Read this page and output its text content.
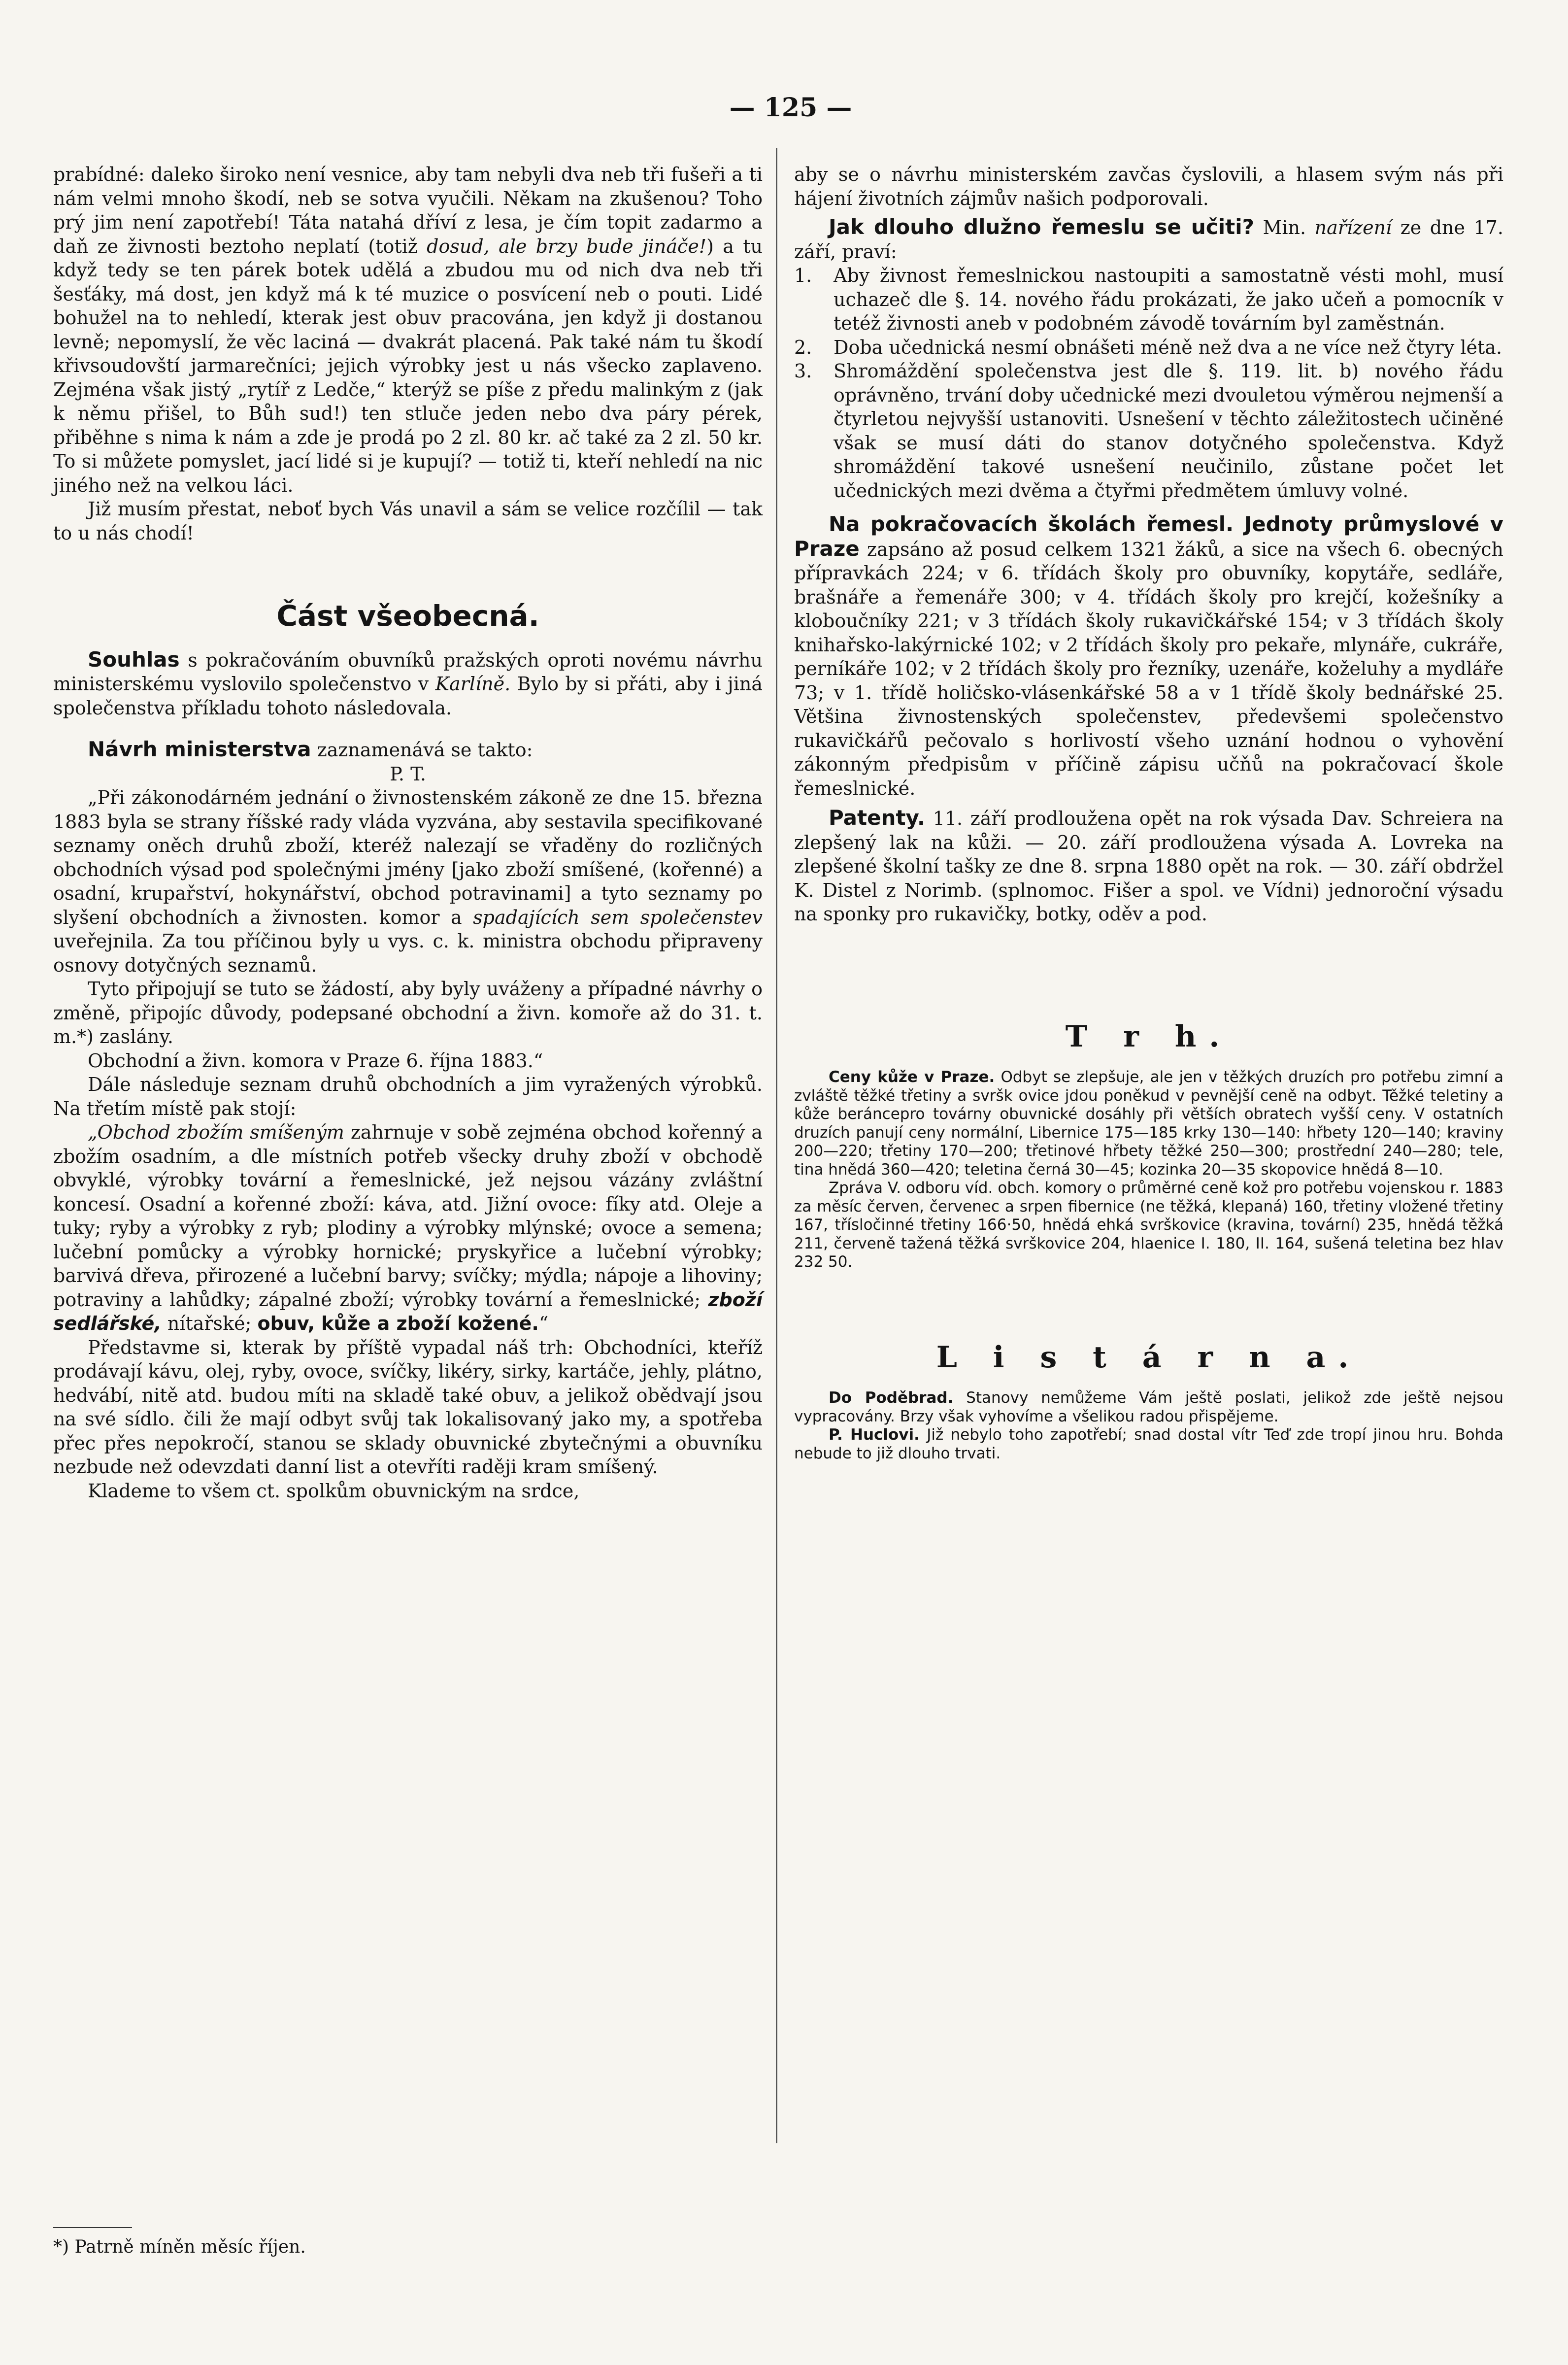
— 125 —
prabídné: daleko široko není vesnice, aby tam nebyli dva neb tři fušeři a ti nám velmi mnoho škodí, neb se sotva vyučili. Někam na zkušenou? Toho prý jim není zapotřebí! Táta natahá dříví z lesa, je čím topit zadarmo a daň ze živnosti beztoho neplatí (totiž dosud, ale brzy bude jináče!) a tu když tedy se ten párek botek udělá a zbudou mu od nich dva neb tři šesťáky, má dost, jen když má k té muzice o posvícení neb o pouti. Lidé bohužel na to nehledí, kterak jest obuv pracována, jen když ji dostanou levně; nepomyslí, že věc laciná — dvakrát placená. Pak také nám tu škodí křivsoudovští jarmarečníci; jejich výrobky jest u nás všecko zaplaveno. Zejména však jistý „rytíř z Ledče,“ kterýž se píše z předu malinkým z (jak k němu přišel, to Bůh sud!) ten stluče jeden nebo dva páry pérek, přiběhne s nima k nám a zde je prodá po 2 zl. 80 kr. ač také za 2 zl. 50 kr. To si můžete pomyslet, jací lidé si je kupují? — totiž ti, kteří nehledí na nic jiného než na velkou láci.
Již musím přestat, neboť bych Vás unavil a sám se velice rozčílil — tak to u nás chodí!
Část všeobecná.
Souhlas s pokračováním obuvníků pražských oproti novému návrhu ministerskému vyslovilo společenstvo v Karlíně. Bylo by si přáti, aby i jiná společenstva příkladu tohoto následovala.
Návrh ministerstva zaznamenává se takto:
P. T.
„Při zákonodárném jednání o živnostenském zákoně ze dne 15. března 1883 byla se strany říšské rady vláda vyzvána, aby sestavila specifikované seznamy oněch druhů zboží, kteréž nalezají se vřaděny do rozličných obchodních výsad pod společnými jmény [jako zboží smíšené, (kořenné) a osadní, krupařství, hokynářství, obchod potravinami] a tyto seznamy po slyšení obchodních a živnosten. komor a spadajících sem společenstev uveřejnila. Za tou příčinou byly u vys. c. k. ministra obchodu připraveny osnovy dotyčných seznamů.
Tyto připojují se tuto se žádostí, aby byly uváženy a případné návrhy o změně, připojíc důvody, podepsané obchodní a živn. komoře až do 31. t. m.*) zaslány.
Obchodní a živn. komora v Praze 6. října 1883.“
Dále následuje seznam druhů obchodních a jim vyražených výrobků. Na třetím místě pak stojí:
„Obchod zbožím smíšeným zahrnuje v sobě zejména obchod kořenný a zbožím osadním, a dle místních potřeb všecky druhy zboží v obchodě obvyklé, výrobky tovární a řemeslnické, jež nejsou vázány zvláštní koncesí. Osadní a kořenné zboží: káva, atd. Jižní ovoce: fíky atd. Oleje a tuky; ryby a výrobky z ryb; plodiny a výrobky mlýnské; ovoce a semena; lučební pomůcky a výrobky hornické; pryskyřice a lučební výrobky; barvivá dřeva, přirozené a lučební barvy; svíčky; mýdla; nápoje a lihoviny; potraviny a lahůdky; zápalné zboží; výrobky tovární a řemeslnické; zboží sedlářské, nítařské; obuv, kůže a zboží kožené.“
Představme si, kterak by příště vypadal náš trh: Obchodníci, kteříž prodávají kávu, olej, ryby, ovoce, svíčky, likéry, sirky, kartáče, jehly, plátno, hedvábí, nitě atd. budou míti na skladě také obuv, a jelikož obědvají jsou na své sídlo. čili že mají odbyt svůj tak lokalisovaný jako my, a spotřeba přec přes nepokročí, stanou se sklady obuvnické zbytečnými a obuvníku nezbude než odevzdati danní list a otevříti raději kram smíšený.
Klademe to všem ct. spolkům obuvnickým na srdce,
*) Patrně míněn měsíc říjen.
aby se o návrhu ministerském zavčas čyslovili, a hlasem svým nás při hájení životních zájmův našich podporovali.
Jak dlouho dlužno řemeslu se učiti? Min. nařízení ze dne 17. září, praví:
1.	Aby živnost řemeslnickou nastoupiti a samostatně vésti mohl, musí uchazeč dle §. 14. nového řádu prokázati, že jako učeň a pomocník v tetéž živnosti aneb v podobném závodě továrním byl zaměstnán.
2.	Doba učednická nesmí obnášeti méně než dva a ne více než čtyry léta.
3.	Shromáždění společenstva jest dle §. 119. lit. b) nového řádu oprávněno, trvání doby učednické mezi dvouletou výměrou nejmenší a čtyrletou nejvyšší ustanoviti. Usnešení v těchto záležitostech učiněné však se musí dáti do stanov dotyčného společenstva. Když shromáždění takové usnešení neučinilo, zůstane počet let učednických mezi dvěma a čtyřmi předmětem úmluvy volné.
Na pokračovacích školách řemesl. Jednoty průmyslové v Praze zapsáno až posud celkem 1321 žáků, a sice na všech 6. obecných přípravkách 224; v 6. třídách školy pro obuvníky, kopytáře, sedláře, brašnáře a řemenáře 300; v 4. třídách školy pro krejčí, kožešníky a kloboučníky 221; v 3 třídách školy rukavičkářské 154; v 3 třídách školy knihařsko-lakýrnické 102; v 2 třídách školy pro pekaře, mlynáře, cukráře, perníkáře 102; v 2 třídách školy pro řezníky, uzenáře, koželuhy a mydláře 73; v 1. třídě holičsko-vlásenkářské 58 a v 1 třídě školy bednářské 25. Většina živnostenských společenstev, předevšemi společenstvo rukavičkářů pečovalo s horlivostí všeho uznání hodnou o vyhovění zákonným předpisům v příčině zápisu učňů na pokračovací škole řemeslnické.
Patenty. 11. září prodloužena opět na rok výsada Dav. Schreiera na zlepšený lak na kůži. — 20. září prodloužena výsada A. Lovreka na zlepšené školní tašky ze dne 8. srpna 1880 opět na rok. — 30. září obdržel K. Distel z Norimb. (splnomoc. Fišer a spol. ve Vídni) jednoroční výsadu na sponky pro rukavičky, botky, oděv a pod.
T r h.
Ceny kůže v Praze. Odbyt se zlepšuje, ale jen v těžkých druzích pro potřebu zimní a zvláště těžké třetiny a svršk ovice jdou poněkud v pevnější ceně na odbyt. Těžké teletiny a kůže beráncepro továrny obuvnické dosáhly při větších obratech vyšší ceny. V ostatních druzích panují ceny normální, Libernice 175—185 krky 130—140: hřbety 120—140; kraviny 200—220; třetiny 170—200; třetinové hřbety těžké 250—300; prostřední 240—280; tele, tina hnědá 360—420; teletina černá 30—45; kozinka 20—35 skopovice hnědá 8—10.
Zpráva V. odboru víd. obch. komory o průměrné ceně kož pro potřebu vojenskou r. 1883 za měsíc červen, červenec a srpen fibernice (ne těžká, klepaná) 160, třetiny vložené třetiny 167, třísločinné třetiny 166·50, hnědá ehká svrškovice (kravina, tovární) 235, hnědá těžká 211, červeně tažená těžká svrškovice 204, hlaenice I. 180, II. 164, sušená teletina bez hlav 232 50.
L i s t á r n a.
Do Poděbrad. Stanovy nemůžeme Vám ještě poslati, jelikož zde ještě nejsou vypracovány. Brzy však vyhovíme a všelikou radou přispějeme.
P. Huclovi. Již nebylo toho zapotřebí; snad dostal vítr Teď zde tropí jinou hru. Bohda nebude to již dlouho trvati.
